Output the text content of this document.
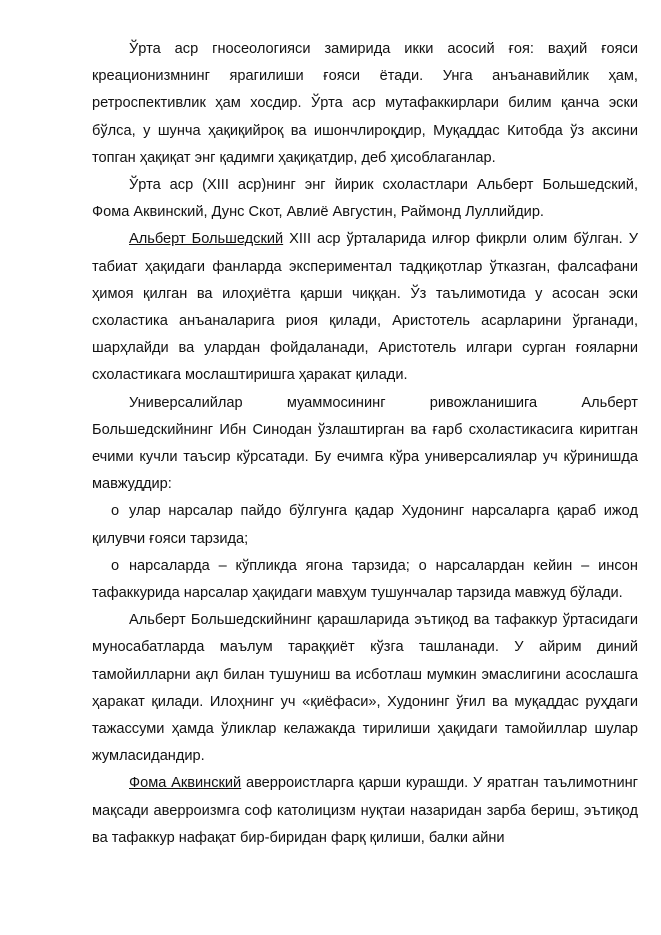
Ўрта аср гносеологияси замирида икки асосий ғоя: ваҳий ғояси креационизмнинг ярагилиши ғояси ётади. Унга анъанавийлик ҳам, ретроспективлик ҳам хосдир. Ўрта аср мутафаккирлари билим қанча эски бўлса, у шунча ҳақиқийроқ ва ишончлироқдир, Муқаддас Китобда ўз аксини топган ҳақиқат энг қадимги ҳақиқатдир, деб ҳисоблаганлар.

Ўрта аср (XIII аср)нинг энг йирик схоластлари Альберт Большедский, Фома Аквинский, Дунс Скот, Авлиё Августин, Раймонд Луллийдир.

Альберт Большедский XIII аср ўрталарида илғор фикрли олим бўлган. У табиат ҳақидаги фанларда экспериментал тадқиқотлар ўтказган, фалсафани ҳимоя қилган ва илоҳиётга қарши чиққан. Ўз таълимотида у асосан эски схоластика анъаналарига риоя қилади, Аристотель асарларини ўрганади, шарҳлайди ва улардан фойдаланади, Аристотель илгари сурган ғояларни схоластикага мослаштиришга ҳаракат қилади.

Универсалийлар муаммосининг ривожланишига Альберт Большедскийнинг Ибн Синодан ўзлаштирган ва ғарб схоластикасига киритган ечими кучли таъсир кўрсатади. Бу ечимга кўра универсалиялар уч кўринишда мавжуддир:

o улар нарсалар пайдо бўлгунга қадар Худонинг нарсаларга қараб ижод қилувчи ғояси тарзида;

o нарсаларда – кўпликда ягона тарзида; о нарсалардан кейин – инсон тафаккурида нарсалар ҳақидаги мавҳум тушунчалар тарзида мавжуд бўлади.

Альберт Большедскийнинг қарашларида эътиқод ва тафаккур ўртасидаги муносабатларда маълум тараққиёт кўзга ташланади. У айрим диний тамойилларни ақл билан тушуниш ва исботлаш мумкин эмаслигини асослашга ҳаракат қилади. Илоҳнинг уч «қиёфаси», Худонинг ўғил ва муқаддас руҳдаги тажассуми ҳамда ўликлар келажакда тирилиши ҳақидаги тамойиллар шулар жумласидандир.

Фома Аквинский аверроистларга қарши курашди. У яратган таълимотнинг мақсади аверроизмга соф католицизм нуқтаи назаридан зарба бериш, эътиқод ва тафаккур нафақат бир-биридан фарқ қилиши, балки айни
